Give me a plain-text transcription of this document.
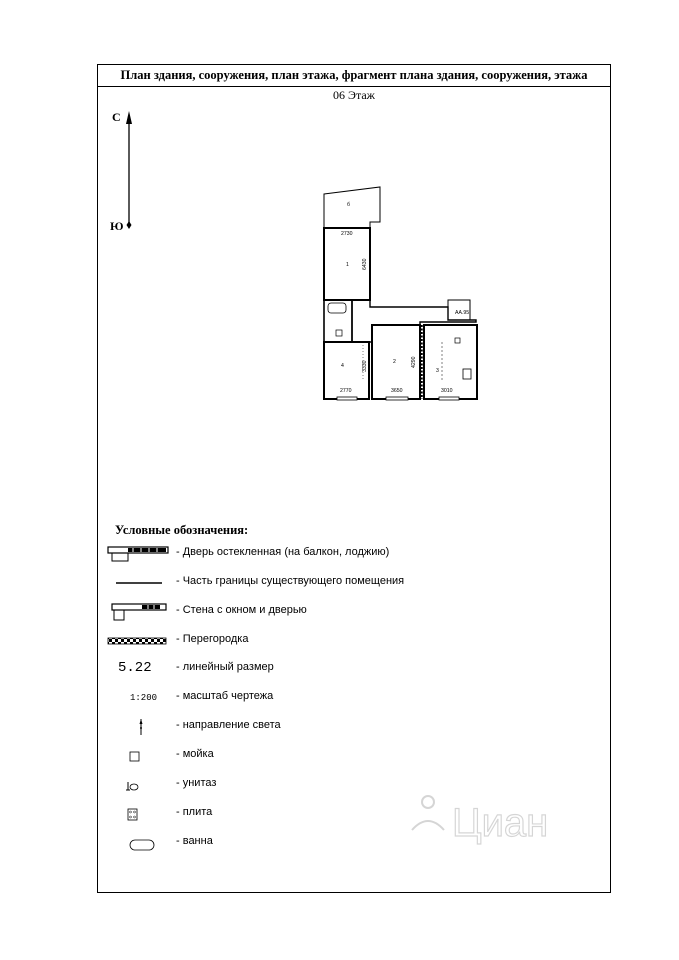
План здания, сооружения, план этажа, фрагмент плана здания, сооружения, этажа
06 Этаж
С
Ю
2730
6430
3330	4290
2770	3650	3010
б
1
4
2
3
АА.95
Условные обозначения:
- Дверь остекленная (на балкон, лоджию)
- Часть границы существующего помещения
- Стена с окном и дверью
- Перегородка
5.22	- линейный размер
1:200	- масштаб чертежа
- направление света
- мойка
- унитаз
- плита
- ванна	Циан
